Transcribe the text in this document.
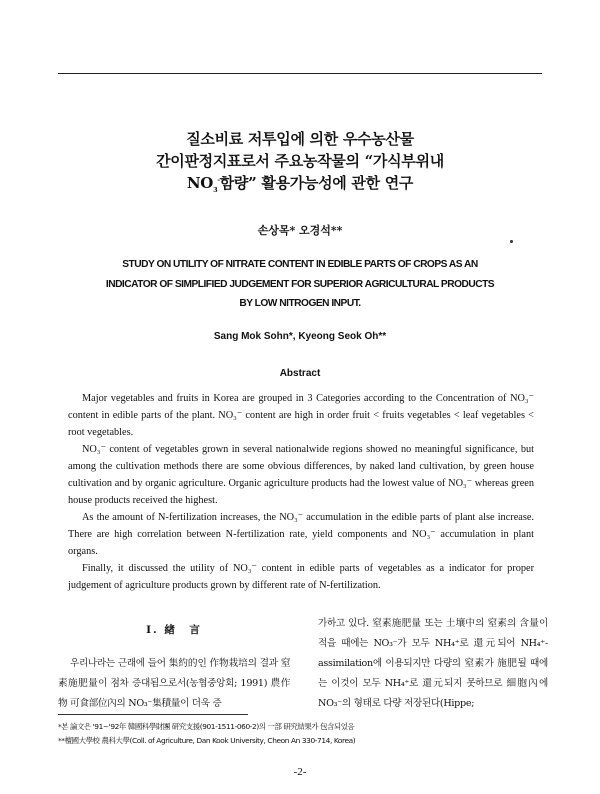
질소비료 저투입에 의한 우수농산물
간이판정지표로서 주요농작물의 “가식부위내
$NO_3^-$함량” 활용가능성에 관한 연구
손상목* 오경석**
STUDY ON UTILITY OF NITRATE CONTENT IN EDIBLE PARTS OF CROPS AS AN
INDICATOR OF SIMPLIFIED JUDGEMENT FOR SUPERIOR AGRICULTURAL PRODUCTS
BY LOW NITROGEN INPUT.
Sang Mok Sohn*, Kyeong Seok Oh**
Abstract

Major vegetables and fruits in Korea are grouped in 3 Categories according to the Concentration of NO₃⁻ content in edible parts of the plant. NO₃⁻ content are high in order fruit < fruits vegetables < leaf vegetables < root vegetables.

NO₃⁻ content of vegetables grown in several nationalwide regions showed no meaningful significance, but among the cultivation methods there are some obvious differences, by naked land cultivation, by green house cultivation and by organic agriculture. Organic agriculture products had the lowest value of NO₃⁻ whereas green house products received the highest.

As the amount of N-fertilization increases, the NO₃⁻ accumulation in the edible parts of plant alse increase. There are high correlation between N-fertilization rate, yield components and NO₃⁻ accumulation in plant organs.

Finally, it discussed the utility of NO₃⁻ content in edible parts of vegetables as a indicator for proper judgement of agriculture products grown by different rate of N-fertilization.

Ⅰ. 緖　言

우리나라는 근래에 들어 集約的인 作物栽培의 결과 窒素施肥量이 점차 증대됨으로서(농협중앙회; 1991) 農作物 可食部位內의 NO₃⁻集積量이 더욱 증

가하고 있다. 窒素施肥量 또는 土壤中의 窒素의 含量이 적을 때에는 NO₃⁻가 모두 NH₄⁺로 還元되어 NH₄⁺-assimilation에 이용되지만 다량의 窒素가 施肥될 때에는 이것이 모두 NH₄⁺로 還元되지 못하므로 細胞內에 NO₃⁻의 형태로 다량 저장된다(Hippe;

*본 論文은 '91∼'92年 韓國科學財團 研究支援(901-1511-060-2)의 一部 研究結果가 包含되었음
**檀國大學校 農科大學(Coll. of Agriculture, Dan Kook University, Cheon An 330-714, Korea)
-2-
